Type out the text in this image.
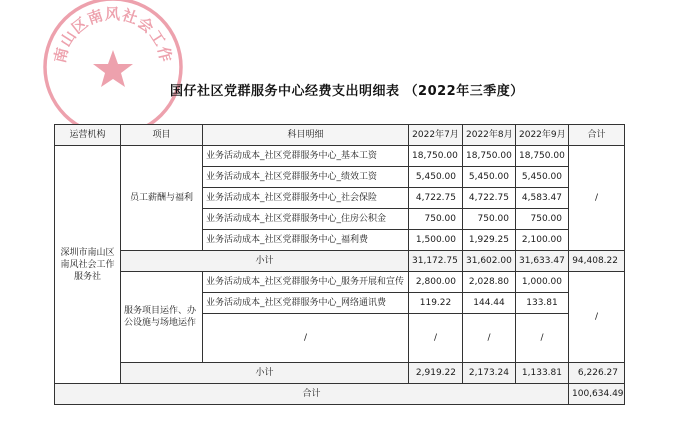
南山区南风社会工作
国仔社区党群服务中心经费支出明细表 （2022年三季度）
运营机构	项目	科目明细	2022年7月	2022年8月	2022年9月	合计
深圳市南山区南风社会工作服务社	员工薪酬与福利	业务活动成本_社区党群服务中心_基本工资	18,750.00	18,750.00	18,750.00	/
		业务活动成本_社区党群服务中心_绩效工资	5,450.00	5,450.00	5,450.00	
		业务活动成本_社区党群服务中心_社会保险	4,722.75	4,722.75	4,583.47	
		业务活动成本_社区党群服务中心_住房公积金	750.00	750.00	750.00	
		业务活动成本_社区党群服务中心_福利费	1,500.00	1,929.25	2,100.00	
	小计		31,172.75	31,602.00	31,633.47	94,408.22
	服务项目运作、办公设施与场地运作	业务活动成本_社区党群服务中心_服务开展和宣传	2,800.00	2,028.80	1,000.00	/
		业务活动成本_社区党群服务中心_网络通讯费	119.22	144.44	133.81	
		/	/	/	/	
	小计		2,919.22	2,173.24	1,133.81	6,226.27
合计						100,634.49
